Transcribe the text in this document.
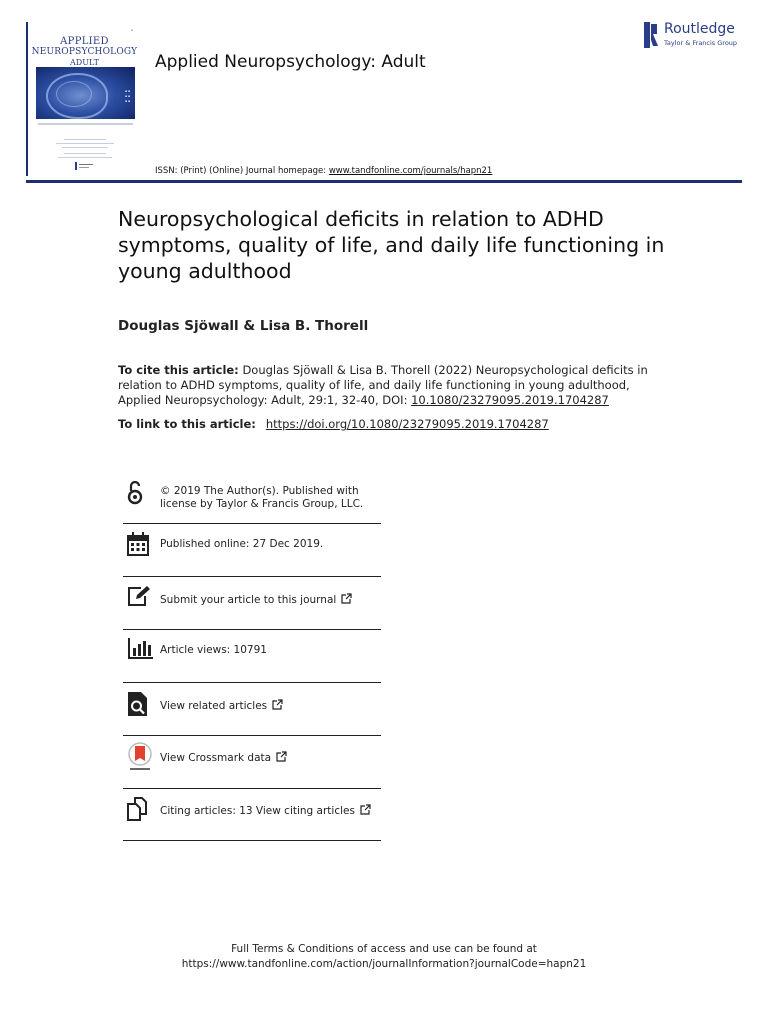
▪
APPLIED
NEUROPSYCHOLOGY
ADULT
▪ ▪
▪ ▪
▪ ▪
Applied Neuropsychology: Adult
ISSN: (Print) (Online) Journal homepage: www.tandfonline.com/journals/hapn21
Routledge
Taylor & Francis Group
Neuropsychological deficits in relation to ADHD symptoms, quality of life, and daily life functioning in young adulthood
Douglas Sjöwall & Lisa B. Thorell
To cite this article: Douglas Sjöwall & Lisa B. Thorell (2022) Neuropsychological deficits in relation to ADHD symptoms, quality of life, and daily life functioning in young adulthood, Applied Neuropsychology: Adult, 29:1, 32-40, DOI: 10.1080/23279095.2019.1704287
To link to this article: https://doi.org/10.1080/23279095.2019.1704287
© 2019 The Author(s). Published with
license by Taylor & Francis Group, LLC.
Published online: 27 Dec 2019.
Submit your article to this journal
Article views: 10791
View related articles
View Crossmark data
Citing articles: 13 View citing articles
Full Terms & Conditions of access and use can be found at
https://www.tandfonline.com/action/journalInformation?journalCode=hapn21
